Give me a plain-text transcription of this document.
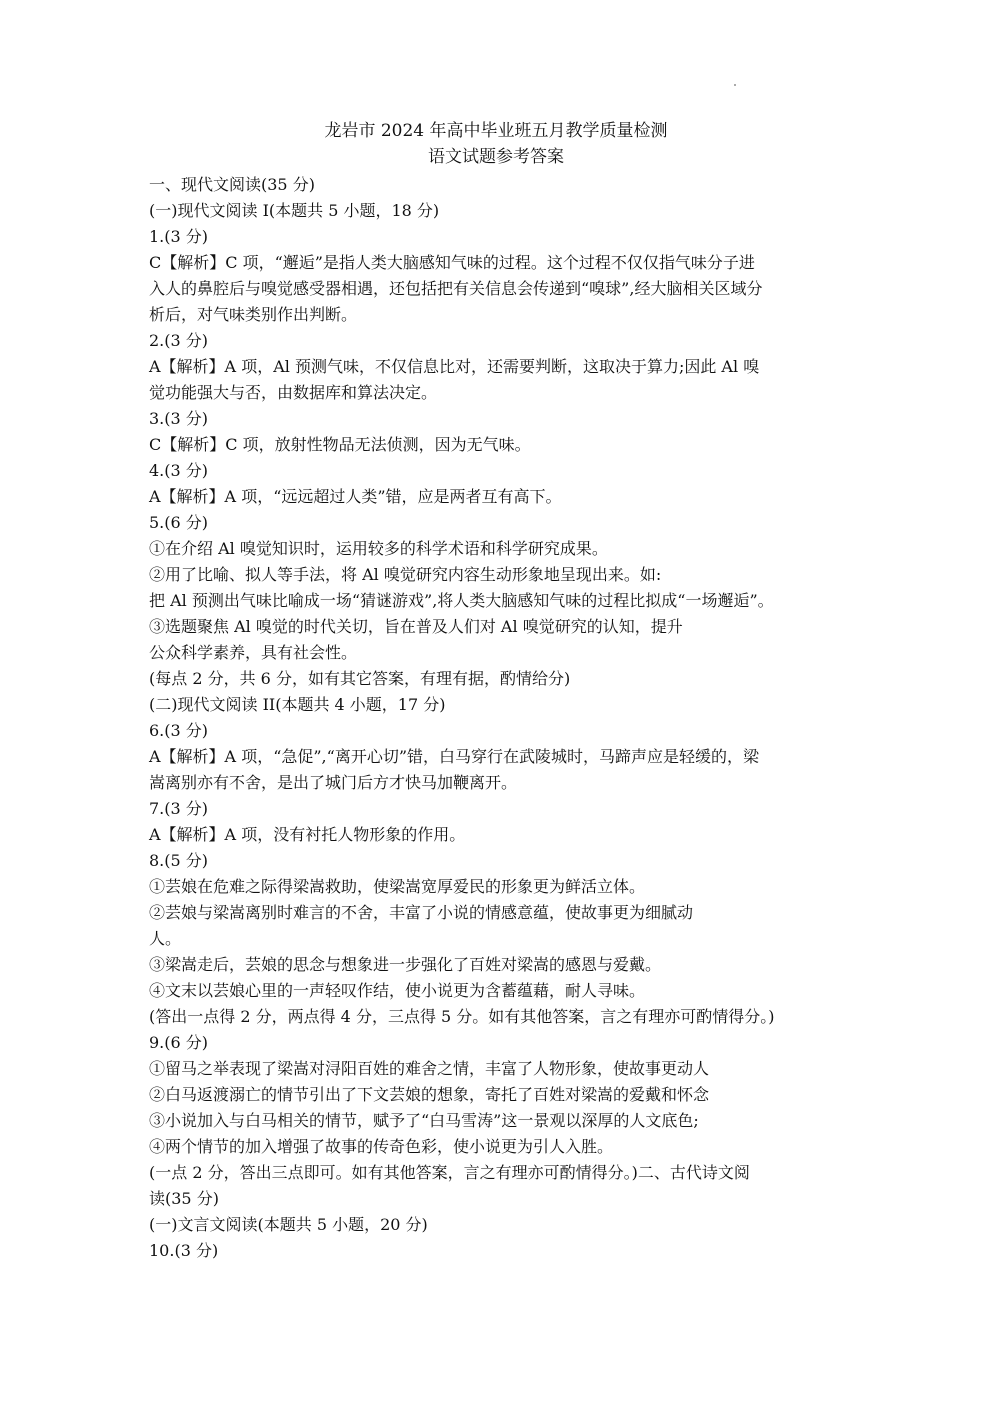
龙岩市 2024 年高中毕业班五月教学质量检测
语文试题参考答案
一、现代文阅读(35 分)
(一)现代文阅读 I(本题共 5 小题，18 分)
1.(3 分)
C【解析】C 项，“邂逅”是指人类大脑感知气味的过程。这个过程不仅仅指气味分子进
入人的鼻腔后与嗅觉感受器相遇，还包括把有关信息会传递到“嗅球”,经大脑相关区域分
析后，对气味类别作出判断。
2.(3 分)
A【解析】A 项，Al 预测气味，不仅信息比对，还需要判断，这取决于算力;因此 Al 嗅
觉功能强大与否，由数据库和算法决定。
3.(3 分)
C【解析】C 项，放射性物品无法侦测，因为无气味。
4.(3 分)
A【解析】A 项，“远远超过人类”错，应是两者互有高下。
5.(6 分)
①在介绍 Al 嗅觉知识时，运用较多的科学术语和科学研究成果。
②用了比喻、拟人等手法，将 Al 嗅觉研究内容生动形象地呈现出来。如:
把 Al 预测出气味比喻成一场“猜谜游戏”,将人类大脑感知气味的过程比拟成“一场邂逅”。
③选题聚焦 Al 嗅觉的时代关切，旨在普及人们对 Al 嗅觉研究的认知，提升
公众科学素养，具有社会性。
(每点 2 分，共 6 分，如有其它答案，有理有据，酌情给分)
(二)现代文阅读 II(本题共 4 小题，17 分)
6.(3 分)
A【解析】A 项，“急促”,“离开心切”错，白马穿行在武陵城时，马蹄声应是轻缓的，梁
嵩离别亦有不舍，是出了城门后方才快马加鞭离开。
7.(3 分)
A【解析】A 项，没有衬托人物形象的作用。
8.(5 分)
①芸娘在危难之际得梁嵩救助，使梁嵩宽厚爱民的形象更为鲜活立体。
②芸娘与梁嵩离别时难言的不舍，丰富了小说的情感意蕴，使故事更为细腻动
人。
③梁嵩走后，芸娘的思念与想象进一步强化了百姓对梁嵩的感恩与爱戴。
④文末以芸娘心里的一声轻叹作结，使小说更为含蓄蕴藉，耐人寻味。
(答出一点得 2 分，两点得 4 分，三点得 5 分。如有其他答案，言之有理亦可酌情得分。)
9.(6 分)
①留马之举表现了梁嵩对浔阳百姓的难舍之情，丰富了人物形象，使故事更动人
②白马返渡溺亡的情节引出了下文芸娘的想象，寄托了百姓对梁嵩的爱戴和怀念
③小说加入与白马相关的情节，赋予了“白马雪涛”这一景观以深厚的人文底色;
④两个情节的加入增强了故事的传奇色彩，使小说更为引人入胜。
(一点 2 分，答出三点即可。如有其他答案，言之有理亦可酌情得分。)二、古代诗文阅
读(35 分)
(一)文言文阅读(本题共 5 小题，20 分)
10.(3 分)
